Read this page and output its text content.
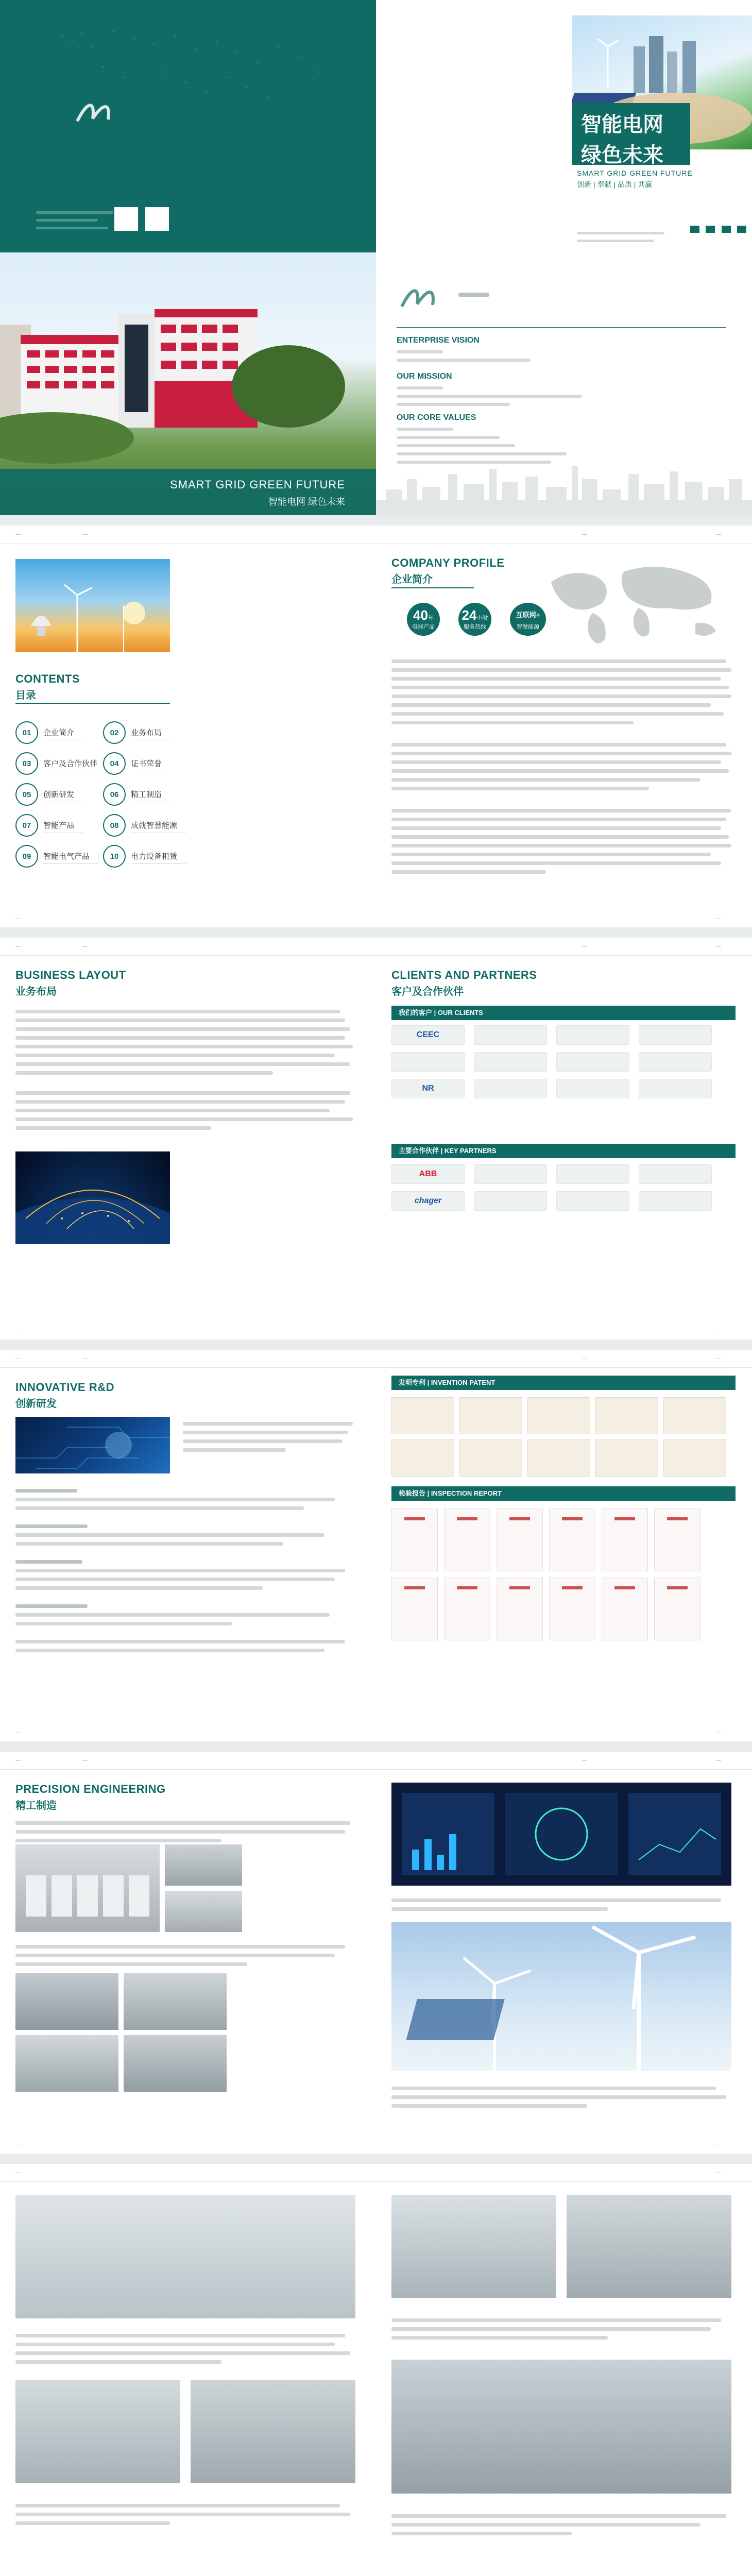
智能电网
绿色未来
SMART GRID GREEN FUTURE
创新 | 奉献 | 品质 | 共赢

SMART GRID GREEN FUTURE
智能电网 绿色未来
ENTERPRISE VISION
OUR MISSION
OUR CORE VALUES
—	—
CONTENTS
目录
01	企业简介	02	业务布局
03	客户及合作伙伴	04	证书荣誉
05	创新研发	06	精工制造
07	智能产品	08	成就智慧能源
09	智能电气产品	10	电力设备租赁
—
—	—
COMPANY PROFILE
企业简介
40年
电器产品
24小时
服务热线
互联网+
智慧能源
—
—	—
BUSINESS LAYOUT
业务布局
—
—	—
CLIENTS AND PARTNERS
客户及合作伙伴
我们的客户 | OUR CLIENTS
CEEC
NR
主要合作伙伴 | KEY PARTNERS
ABB
chager
—
—	—
INNOVATIVE R&D
创新研发
—
—	—
发明专利 | INVENTION PATENT
检验报告 | INSPECTION REPORT
—
—	—
PRECISION ENGINEERING
精工制造
—
—	—
—
—	—
